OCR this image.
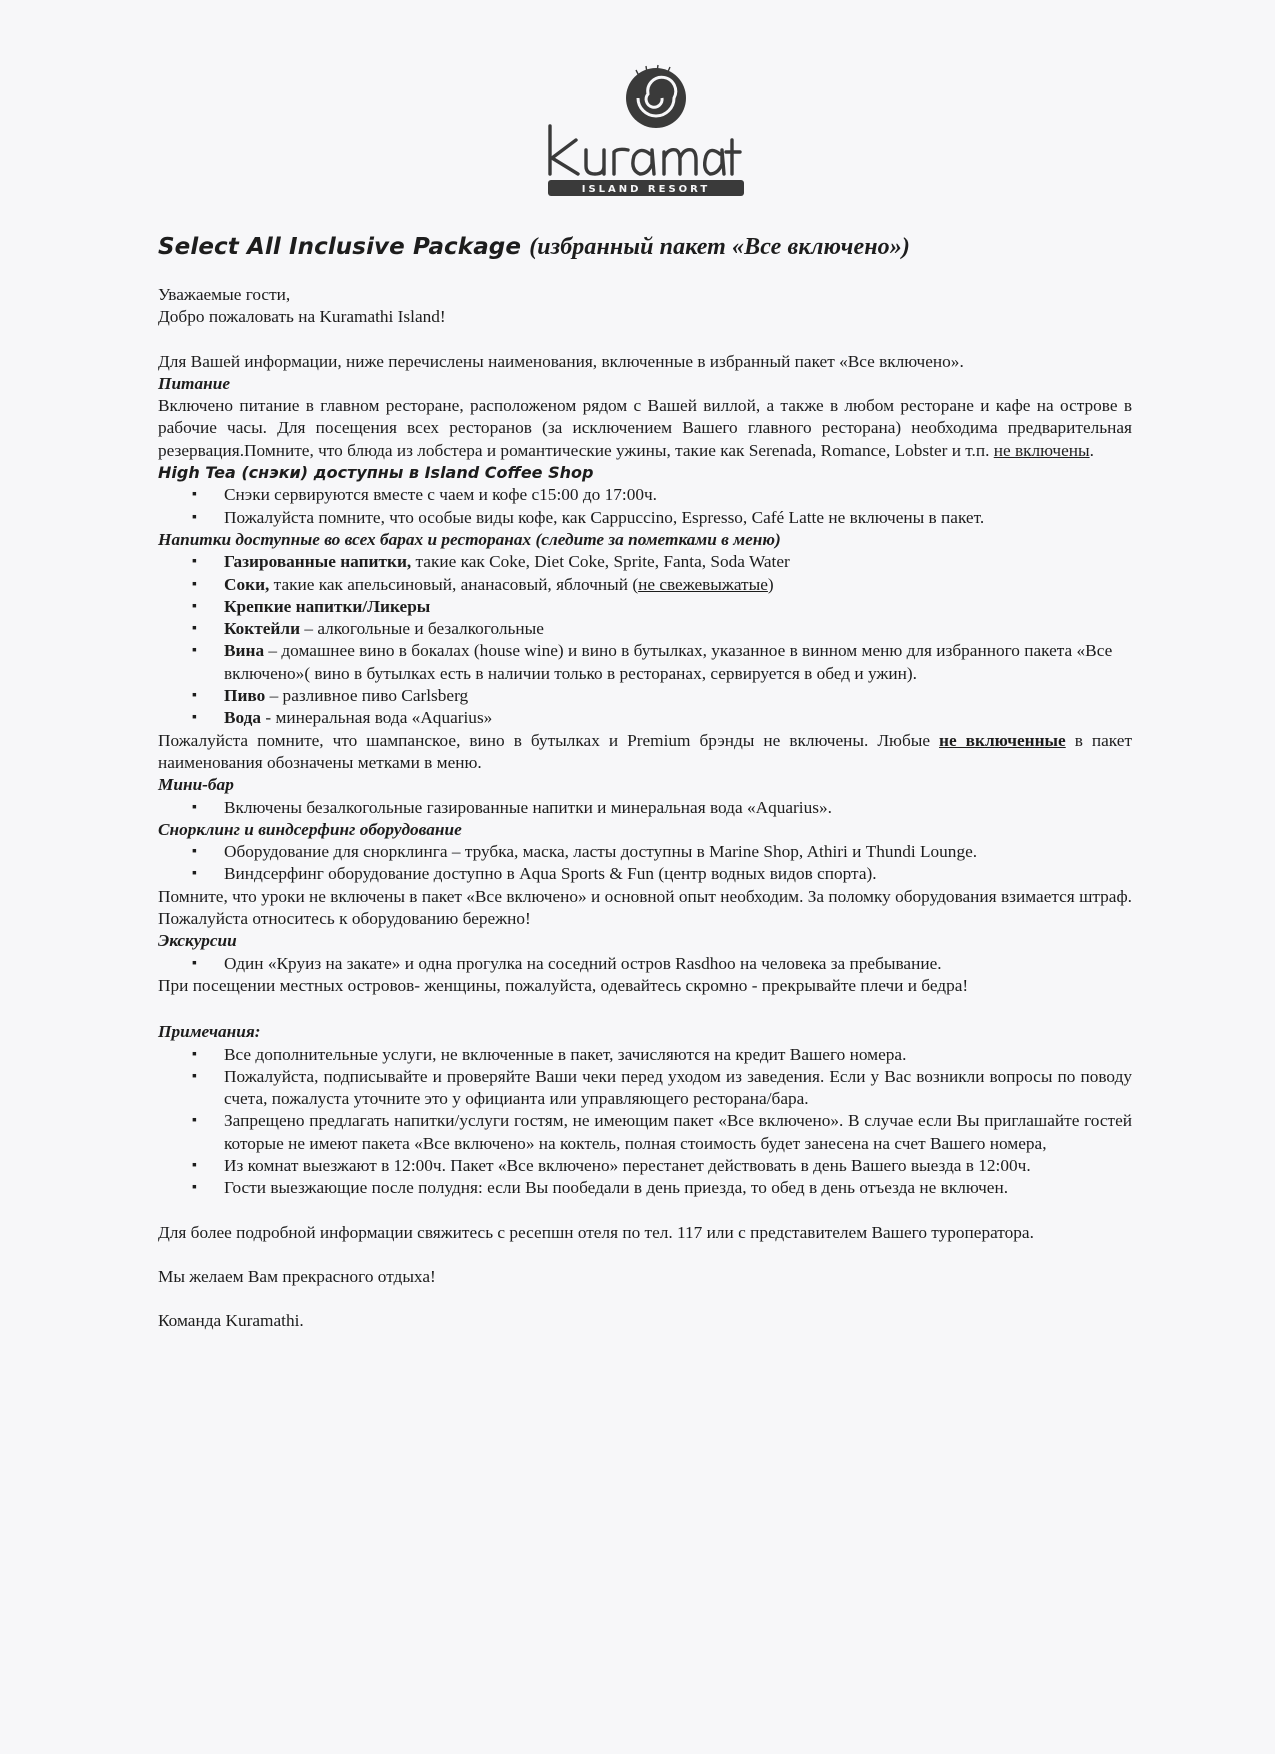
ISLAND RESORT
Select All Inclusive Package (избранный пакет «Все включено»)

Уважаемые гости,

Добро пожаловать на Kuramathi Island!

Для Вашей информации, ниже перечислены наименования, включенные в избранный пакет «Все включено».

Питание

Включено питание в главном ресторане, расположеном рядом с Вашей виллой, а также в любом ресторане и кафе на острове в рабочие часы. Для посещения всех ресторанов (за исключением Вашего главного ресторана) необходима предварительная резервация.Помните, что блюда из лобстера и романтические ужины, такие как Serenada, Romance, Lobster и т.п. не включены.

High Tea (снэки) доступны в Island Coffee Shop

▪ Снэки сервируются вместе с чаем и кофе с15:00 до 17:00ч.
▪ Пожалуйста помните, что особые виды кофе, как Cappuccino, Espresso, Café Latte не включены в пакет.

Напитки доступные во всех барах и ресторанах (следите за пометками в меню)

▪ Газированные напитки, такие как Coke, Diet Coke, Sprite, Fanta, Soda Water
▪ Соки, такие как апельсиновый, ананасовый, яблочный (не свежевыжатые)
▪ Крепкие напитки/Ликеры
▪ Коктейли – алкогольные и безалкогольные
▪ Вина – домашнее вино в бокалах (house wine) и вино в бутылках, указанное в винном меню для избранного пакета «Все включено»( вино в бутылках есть в наличии только в ресторанах, сервируется в обед и ужин).
▪ Пиво – разливное пиво Carlsberg
▪ Вода - минеральная вода «Aquarius»

Пожалуйста помните, что шампанское, вино в бутылках и Premium брэнды не включены. Любые не включенные в пакет наименования обозначены метками в меню.

Мини-бар

▪ Включены безалкогольные газированные напитки и минеральная вода «Aquarius».

Снорклинг и виндсерфинг оборудование

▪ Оборудование для снорклинга – трубка, маска, ласты доступны в Marine Shop, Athiri и Thundi Lounge.
▪ Виндсерфинг оборудование доступно в Aqua Sports & Fun (центр водных видов спорта).

Помните, что уроки не включены в пакет «Все включено» и основной опыт необходим. За поломку оборудования взимается штраф. Пожалуйста относитесь к оборудованию бережно!

Экскурсии

▪ Один «Круиз на закате» и одна прогулка на соседний остров Rasdhoo на человека за пребывание.

При посещении местных островов- женщины, пожалуйста, одевайтесь скромно - прекрывайте плечи и бедра!

Примечания:

▪ Все дополнительные услуги, не включенные в пакет, зачисляются на кредит Вашего номера.
▪ Пожалуйста, подписывайте и проверяйте Ваши чеки перед уходом из заведения. Если у Вас возникли вопросы по поводу счета, пожалуста уточните это у официанта или управляющего ресторана/бара.
▪ Запрещено предлагать напитки/услуги гостям, не имеющим пакет «Все включено». В случае если Вы приглашайте гостей которые не имеют пакета «Все включено» на коктель, полная стоимость будет занесена на счет Вашего номера,
▪ Из комнат выезжают в 12:00ч. Пакет «Все включено» перестанет действовать в день Вашего выезда в 12:00ч.
▪ Гости выезжающие после полудня: если Вы пообедали в день приезда, то обед в день отъезда не включен.

Для более подробной информации свяжитесь с ресепшн отеля по тел. 117 или с представителем Вашего туроператора.

Мы желаем Вам прекрасного отдыха!

Команда Kuramathi.
